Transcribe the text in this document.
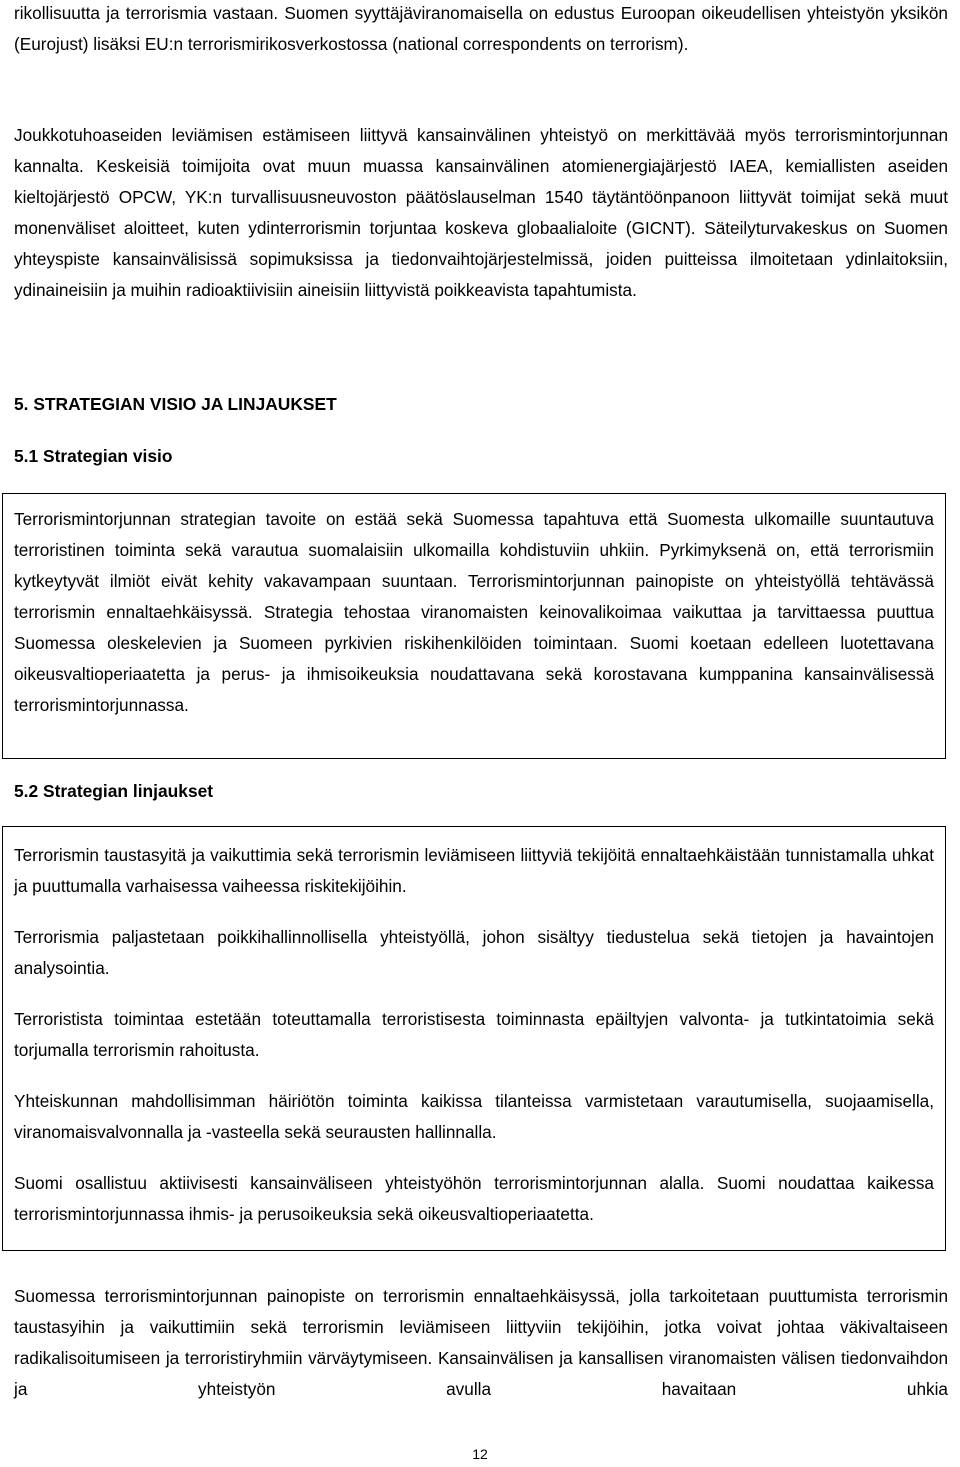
rikollisuutta ja terrorismia vastaan. Suomen syyttäjäviranomaisella on edustus Euroopan oikeudellisen yhteistyön yksikön (Eurojust) lisäksi EU:n terrorismirikosverkostossa (national correspondents on terrorism).

Joukkotuhoaseiden leviämisen estämiseen liittyvä kansainvälinen yhteistyö on merkittävää myös terrorismintorjunnan kannalta. Keskeisiä toimijoita ovat muun muassa kansainvälinen atomienergiajärjestö IAEA, kemiallisten aseiden kieltojärjestö OPCW, YK:n turvallisuusneuvoston päätöslauselman 1540 täytäntöönpanoon liittyvät toimijat sekä muut monenväliset aloitteet, kuten ydinterrorismin torjuntaa koskeva globaalialoite (GICNT). Säteilyturvakeskus on Suomen yhteyspiste kansainvälisissä sopimuksissa ja tiedonvaihtojärjestelmissä, joiden puitteissa ilmoitetaan ydinlaitoksiin, ydinaineisiin ja muihin radioaktiivisiin aineisiin liittyvistä poikkeavista tapahtumista.

5. STRATEGIAN VISIO JA LINJAUKSET
5.1 Strategian visio

Terrorismintorjunnan strategian tavoite on estää sekä Suomessa tapahtuva että Suomesta ulkomaille suuntautuva terroristinen toiminta sekä varautua suomalaisiin ulkomailla kohdistuviin uhkiin. Pyrkimyksenä on, että terrorismiin kytkeytyvät ilmiöt eivät kehity vakavampaan suuntaan. Terrorismintorjunnan painopiste on yhteistyöllä tehtävässä terrorismin ennaltaehkäisyssä. Strategia tehostaa viranomaisten keinovalikoimaa vaikuttaa ja tarvittaessa puuttua Suomessa oleskelevien ja Suomeen pyrkivien riskihenkilöiden toimintaan. Suomi koetaan edelleen luotettavana oikeusvaltioperiaatetta ja perus- ja ihmisoikeuksia noudattavana sekä korostavana kumppanina kansainvälisessä terrorismintorjunnassa.

5.2 Strategian linjaukset

Terrorismin taustasyitä ja vaikuttimia sekä terrorismin leviämiseen liittyviä tekijöitä ennaltaehkäistään tunnistamalla uhkat ja puuttumalla varhaisessa vaiheessa riskitekijöihin.

Terrorismia paljastetaan poikkihallinnollisella yhteistyöllä, johon sisältyy tiedustelua sekä tietojen ja havaintojen analysointia.

Terroristista toimintaa estetään toteuttamalla terroristisesta toiminnasta epäiltyjen valvonta- ja tutkintatoimia sekä torjumalla terrorismin rahoitusta.

Yhteiskunnan mahdollisimman häiriötön toiminta kaikissa tilanteissa varmistetaan varautumisella, suojaamisella, viranomaisvalvonnalla ja -vasteella sekä seurausten hallinnalla.

Suomi osallistuu aktiivisesti kansainväliseen yhteistyöhön terrorismintorjunnan alalla. Suomi noudattaa kaikessa terrorismintorjunnassa ihmis- ja perusoikeuksia sekä oikeusvaltioperiaatetta.

Suomessa terrorismintorjunnan painopiste on terrorismin ennaltaehkäisyssä, jolla tarkoitetaan puuttumista terrorismin taustasyihin ja vaikuttimiin sekä terrorismin leviämiseen liittyviin tekijöihin, jotka voivat johtaa väkivaltaiseen radikalisoitumiseen ja terroristiryhmiin värväytymiseen. Kansainvälisen ja kansallisen viranomaisten välisen tiedonvaihdon ja yhteistyön avulla havaitaan uhkia

12
